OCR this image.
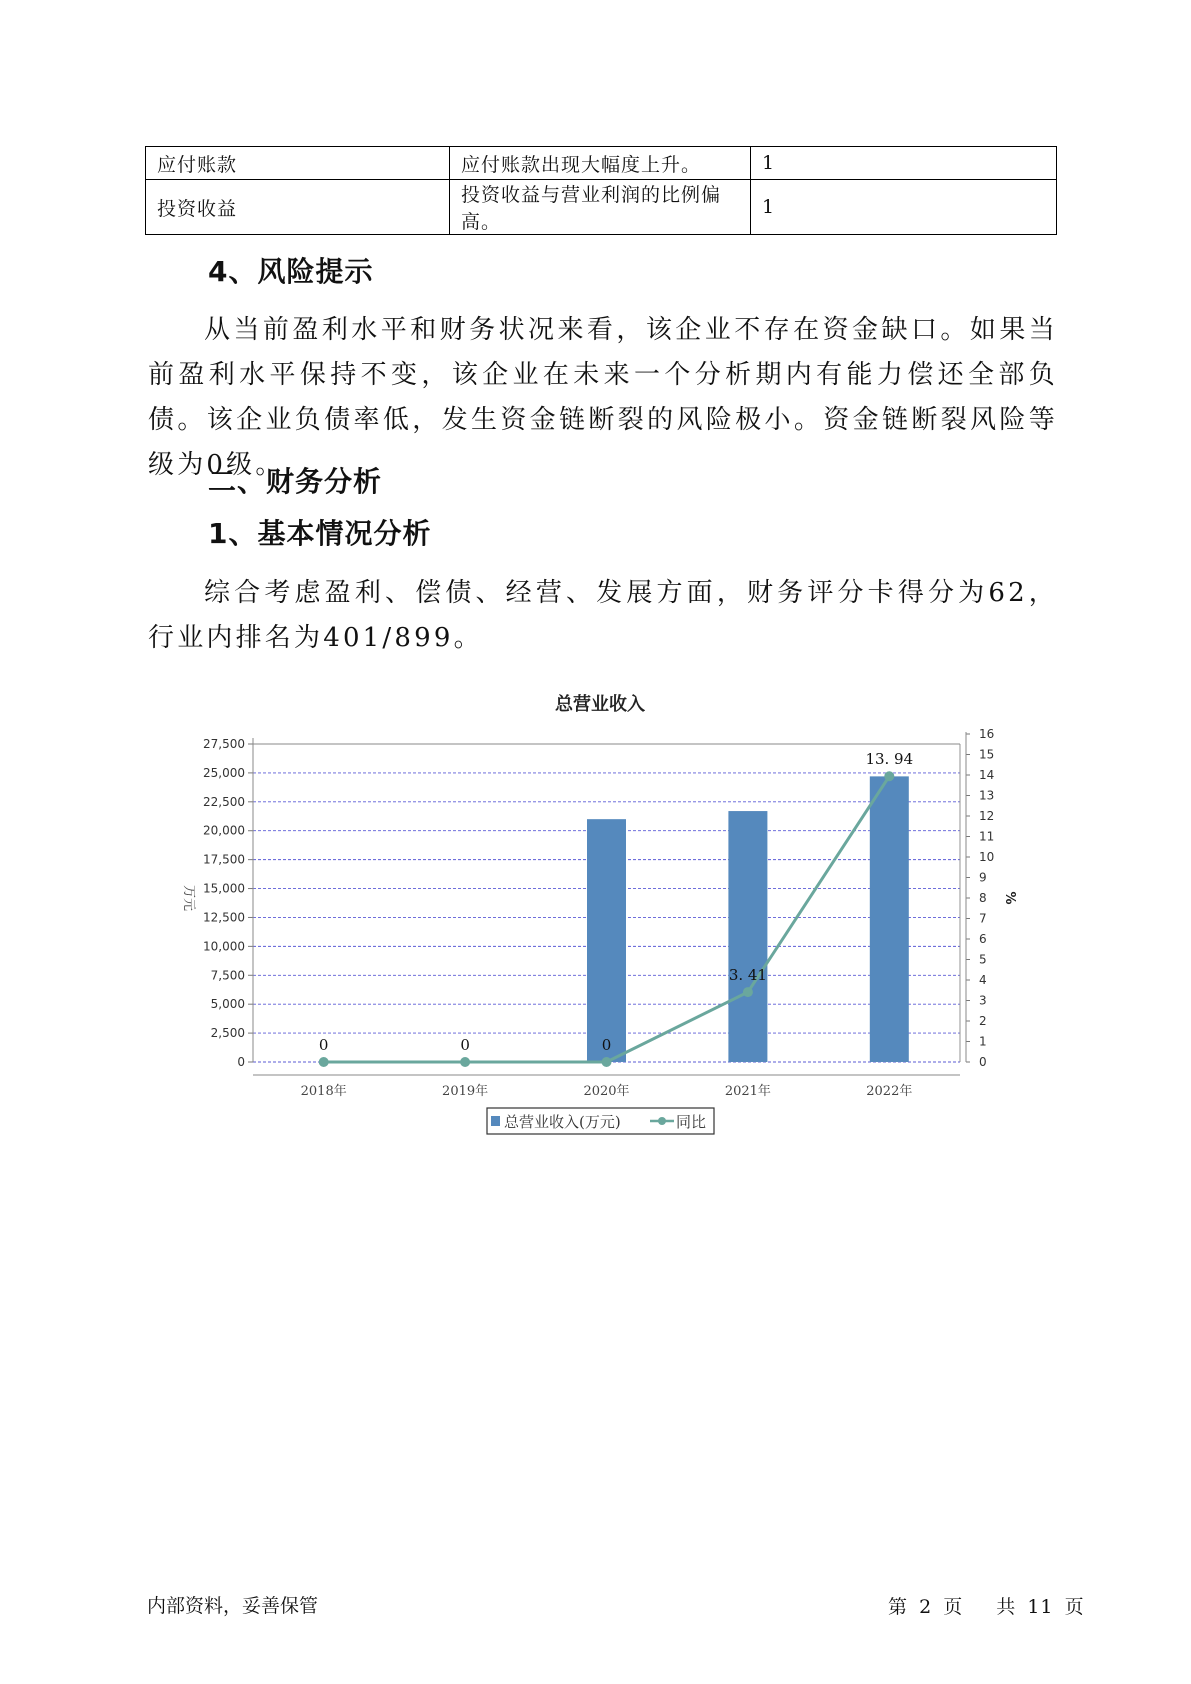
应付账款	应付账款出现大幅度上升。	1
投资收益	投资收益与营业利润的比例偏高。	1
4、风险提示

从当前盈利水平和财务状况来看，该企业不存在资金缺口。如果当前盈利水平保持不变，该企业在未来一个分析期内有能力偿还全部负债。该企业负债率低，发生资金链断裂的风险极小。资金链断裂风险等级为0级。

二、财务分析
1、基本情况分析

综合考虑盈利、偿债、经营、发展方面，财务评分卡得分为62，行业内排名为401/899。

总营业收入
0	0	0
3. 41
13. 94
0
2,500
5,000
7,500
10,000
12,500
15,000
17,500
20,000
22,500
25,000
27,500
0
1
2
3
4
5
6
7
8
9
10
11
12
13
14
15
16
2018年	2019年	2020年	2021年	2022年
万元	%
总营业收入(万元)	同比
内部资料，妥善保管	第 2 页 共 11 页
